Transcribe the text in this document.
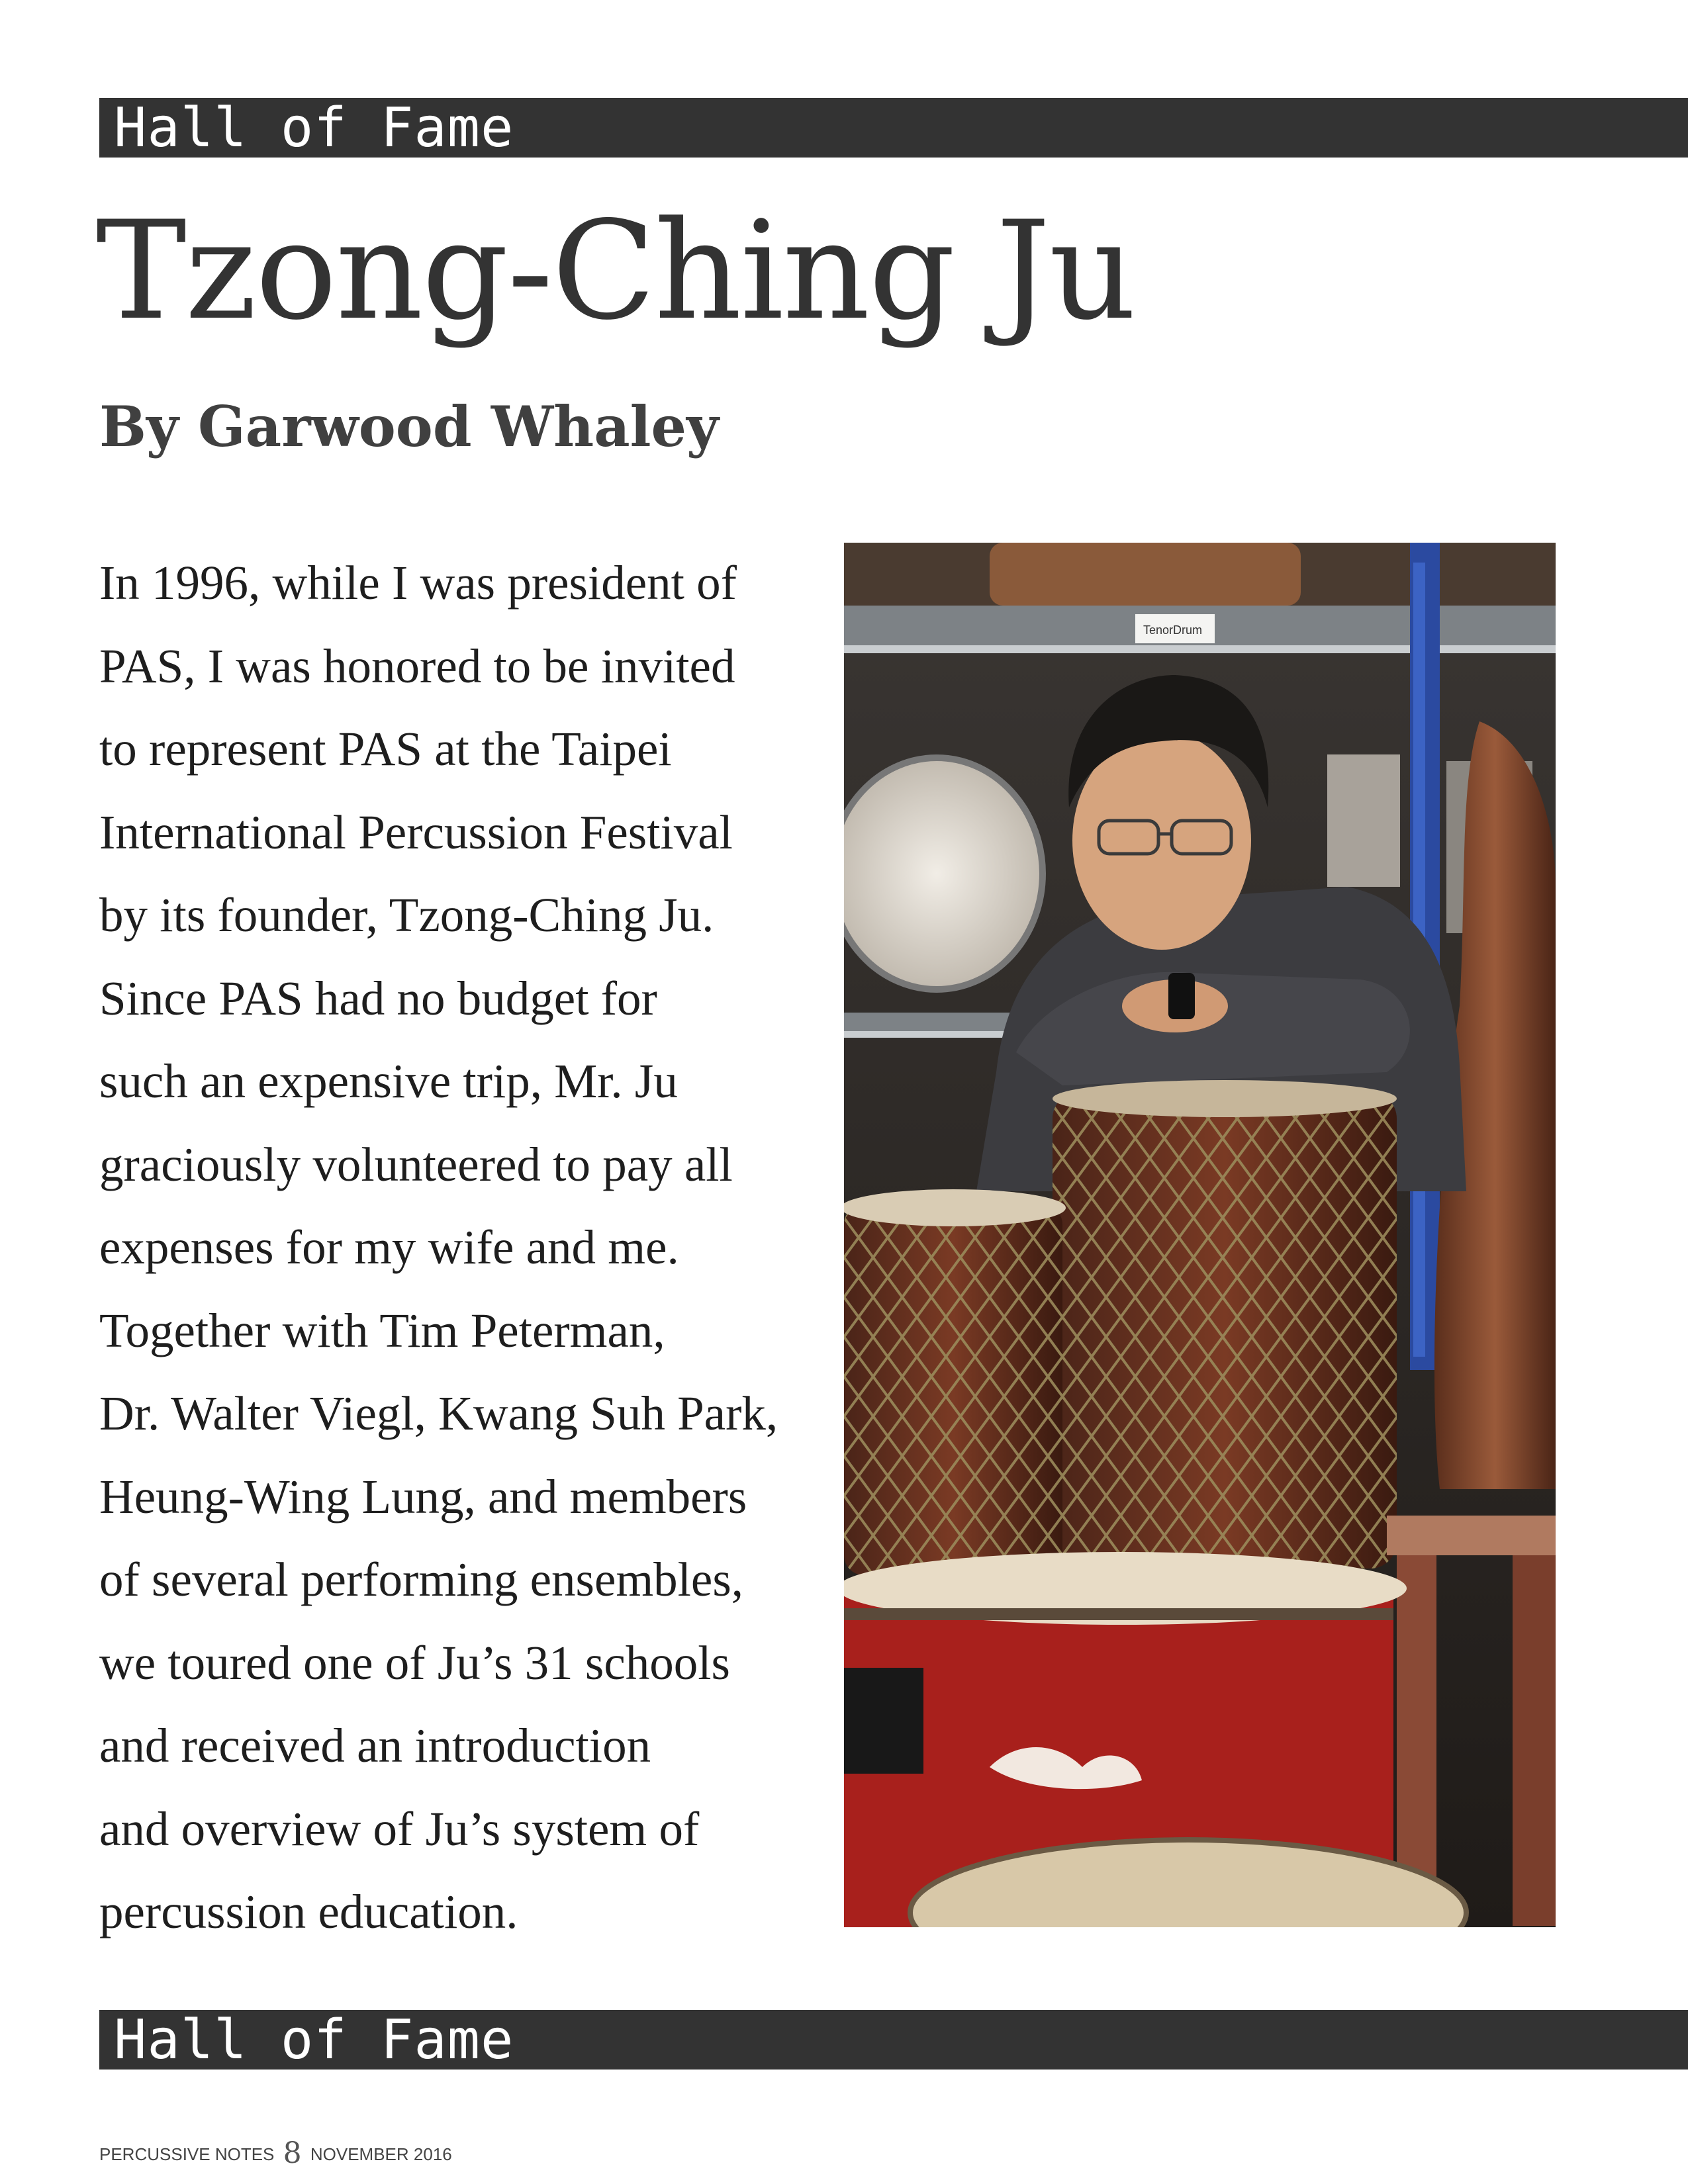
Hall of Fame
Tzong-Ching Ju
By Garwood Whaley
In 1996, while I was president of
PAS, I was honored to be invited
to represent PAS at the Taipei
International Percussion Festival
by its founder, Tzong-Ching Ju.
Since PAS had no budget for
such an expensive trip, Mr. Ju
graciously volunteered to pay all
expenses for my wife and me.
Together with Tim Peterman,
Dr. Walter Viegl, Kwang Suh Park,
Heung-Wing Lung, and members
of several performing ensembles,
we toured one of Ju’s 31 schools
and received an introduction
and overview of Ju’s system of
percussion education.
TenorDrum
Hall of Fame
PERCUSSIVE NOTES 8 NOVEMBER 2016
